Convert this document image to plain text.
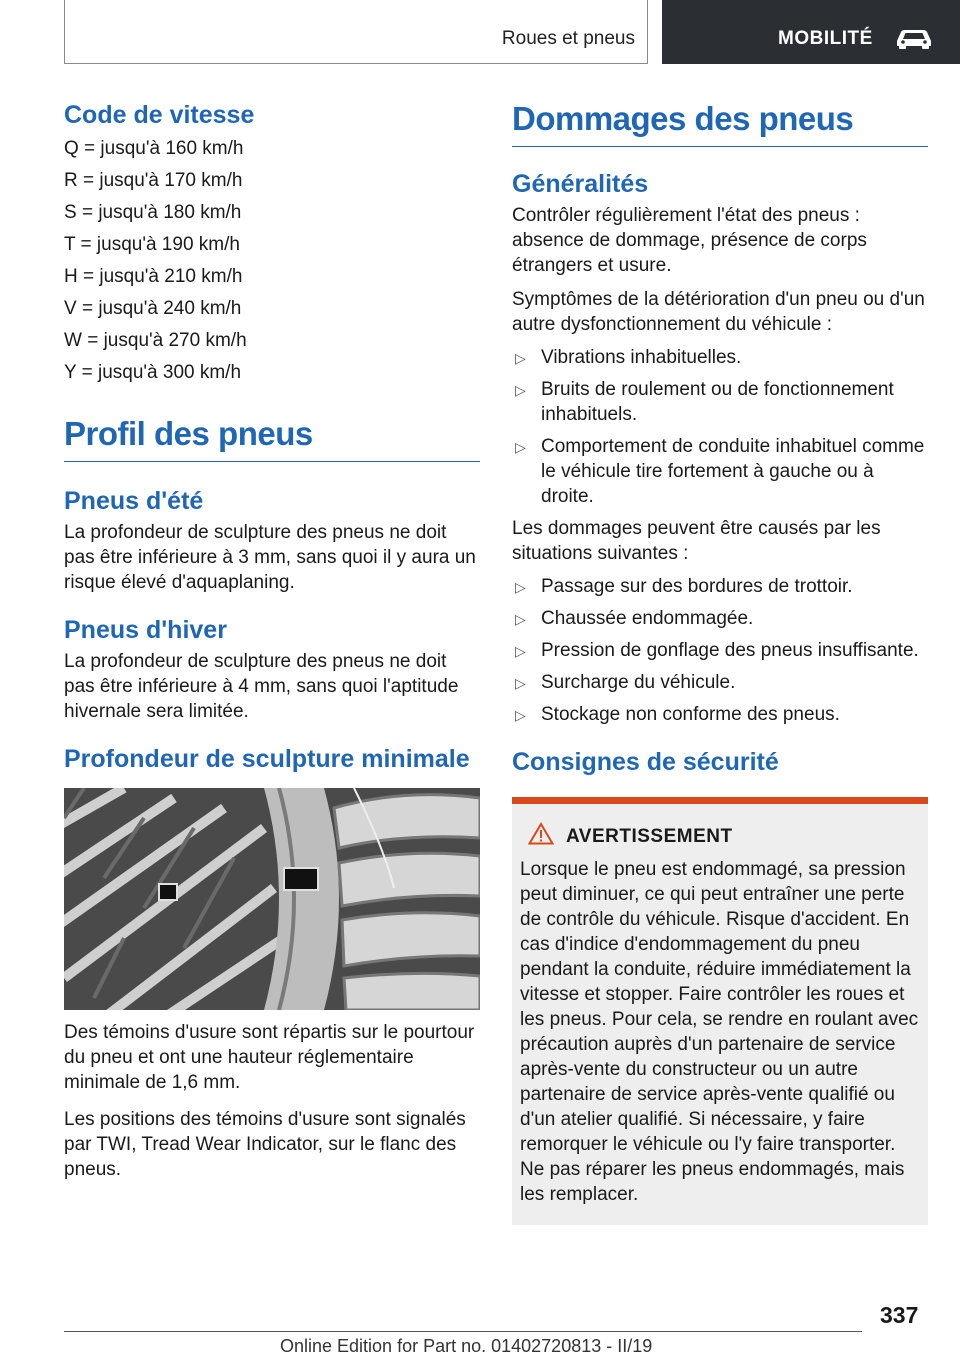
Roues et pneus	MOBILITÉ
Code de vitesse
Q = jusqu'à 160 km/h
R = jusqu'à 170 km/h
S = jusqu'à 180 km/h
T = jusqu'à 190 km/h
H = jusqu'à 210 km/h
V = jusqu'à 240 km/h
W = jusqu'à 270 km/h
Y = jusqu'à 300 km/h
Profil des pneus
Pneus d'été

La profondeur de sculpture des pneus ne doit pas être inférieure à 3 mm, sans quoi il y aura un risque élevé d'aquaplaning.

Pneus d'hiver

La profondeur de sculpture des pneus ne doit pas être inférieure à 4 mm, sans quoi l'aptitude hivernale sera limitée.

Profondeur de sculpture minimale

Des témoins d'usure sont répartis sur le pourtour du pneu et ont une hauteur réglementaire minimale de 1,6 mm.

Les positions des témoins d'usure sont signalés par TWI, Tread Wear Indicator, sur le flanc des pneus.

Dommages des pneus
Généralités

Contrôler régulièrement l'état des pneus : absence de dommage, présence de corps étrangers et usure.

Symptômes de la détérioration d'un pneu ou d'un autre dysfonctionnement du véhicule :

▷ Vibrations inhabituelles.
▷ Bruits de roulement ou de fonctionnement inhabituels.
▷ Comportement de conduite inhabituel comme le véhicule tire fortement à gauche ou à droite.

Les dommages peuvent être causés par les situations suivantes :

▷ Passage sur des bordures de trottoir.
▷ Chaussée endommagée.
▷ Pression de gonflage des pneus insuffisante.
▷ Surcharge du véhicule.
▷ Stockage non conforme des pneus.
Consignes de sécurité
AVERTISSEMENT
Lorsque le pneu est endommagé, sa pression peut diminuer, ce qui peut entraîner une perte de contrôle du véhicule. Risque d'accident. En cas d'indice d'endommagement du pneu pendant la conduite, réduire immédiatement la vitesse et stopper. Faire contrôler les roues et les pneus. Pour cela, se rendre en roulant avec précaution auprès d'un partenaire de service après-vente du constructeur ou un autre partenaire de service après-vente qualifié ou d'un atelier qualifié. Si nécessaire, y faire remorquer le véhicule ou l'y faire transporter. Ne pas réparer les pneus endommagés, mais les remplacer.
337
Online Edition for Part no. 01402720813 - II/19
